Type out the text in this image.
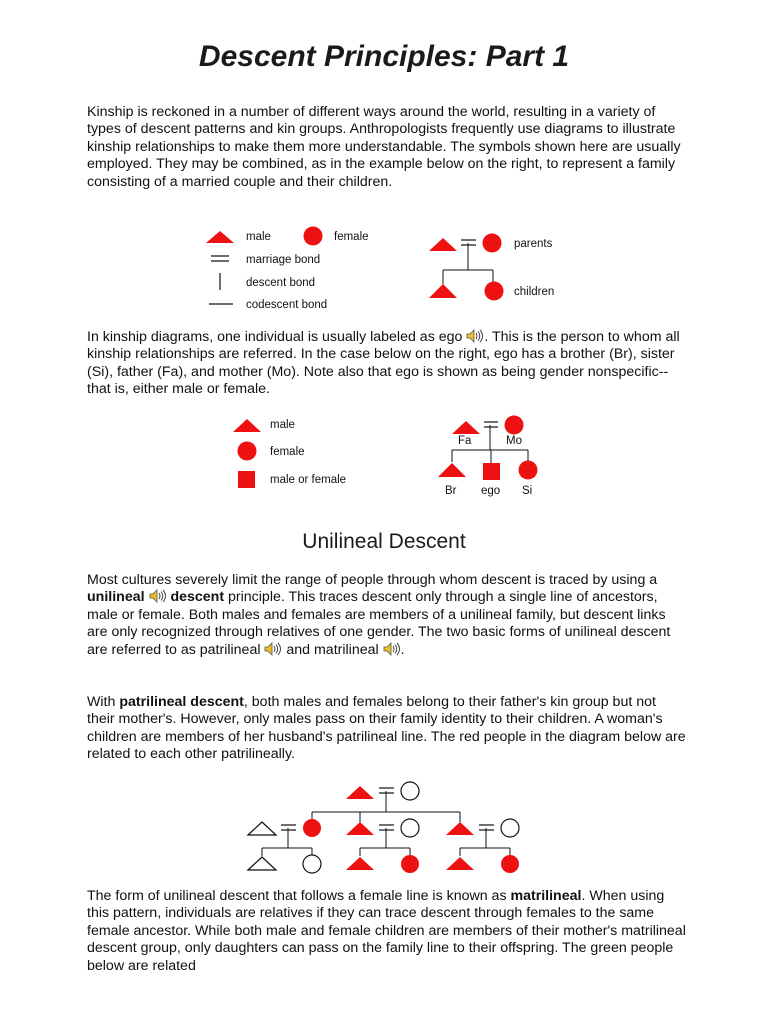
Descent Principles: Part 1

Kinship is reckoned in a number of different ways around the world, resulting in a variety of types of descent patterns and kin groups. Anthropologists frequently use diagrams to illustrate kinship relationships to make them more understandable. The symbols shown here are usually employed. They may be combined, as in the example below on the right, to represent a family consisting of a married couple and their children.

male	female
marriage bond
descent bond
codescent bond
parents
children

In kinship diagrams, one individual is usually labeled as ego . This is the person to whom all kinship relationships are referred. In the case below on the right, ego has a brother (Br), sister (Si), father (Fa), and mother (Mo). Note also that ego is shown as being gender nonspecific--that is, either male or female.

male
female
male or female
Fa	Mo
Br ego Si
Unilineal Descent

Most cultures severely limit the range of people through whom descent is traced by using a unilineal descent principle. This traces descent only through a single line of ancestors, male or female. Both males and females are members of a unilineal family, but descent links are only recognized through relatives of one gender. The two basic forms of unilineal descent are referred to as patrilineal  and matrilineal .

With patrilineal descent, both males and females belong to their father's kin group but not their mother's. However, only males pass on their family identity to their children. A woman's children are members of her husband's patrilineal line. The red people in the diagram below are related to each other patrilineally.

The form of unilineal descent that follows a female line is known as matrilineal. When using this pattern, individuals are relatives if they can trace descent through females to the same female ancestor. While both male and female children are members of their mother's matrilineal descent group, only daughters can pass on the family line to their offspring. The green people below are related
